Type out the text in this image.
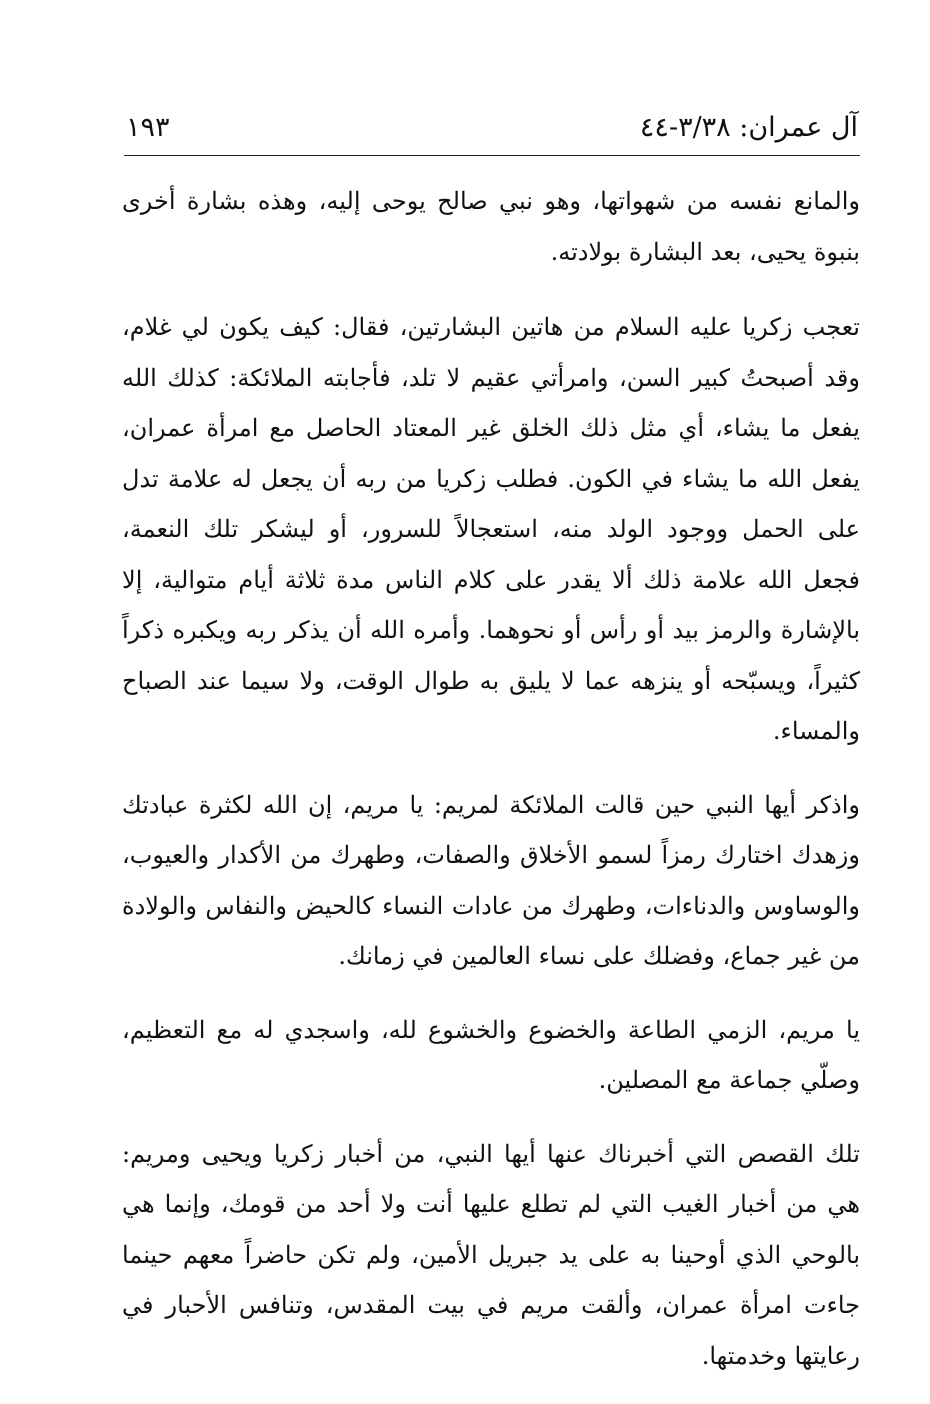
آل عمران: ٣/٣٨-٤٤
١٩٣

والمانع نفسه من شهواتها، وهو نبي صالح يوحى إليه، وهذه بشارة أخرى بنبوة يحيى، بعد البشارة بولادته.

تعجب زكريا عليه السلام من هاتين البشارتين، فقال: كيف يكون لي غلام، وقد أصبحتُ كبير السن، وامرأتي عقيم لا تلد، فأجابته الملائكة: كذلك الله يفعل ما يشاء، أي مثل ذلك الخلق غير المعتاد الحاصل مع امرأة عمران، يفعل الله ما يشاء في الكون. فطلب زكريا من ربه أن يجعل له علامة تدل على الحمل ووجود الولد منه، استعجالاً للسرور، أو ليشكر تلك النعمة، فجعل الله علامة ذلك ألا يقدر على كلام الناس مدة ثلاثة أيام متوالية، إلا بالإشارة والرمز بيد أو رأس أو نحوهما. وأمره الله أن يذكر ربه ويكبره ذكراً كثيراً، ويسبّحه أو ينزهه عما لا يليق به طوال الوقت، ولا سيما عند الصباح والمساء.

واذكر أيها النبي حين قالت الملائكة لمريم: يا مريم، إن الله لكثرة عبادتك وزهدك اختارك رمزاً لسمو الأخلاق والصفات، وطهرك من الأكدار والعيوب، والوساوس والدناءات، وطهرك من عادات النساء كالحيض والنفاس والولادة من غير جماع، وفضلك على نساء العالمين في زمانك.

يا مريم، الزمي الطاعة والخضوع والخشوع لله، واسجدي له مع التعظيم، وصلّي جماعة مع المصلين.

تلك القصص التي أخبرناك عنها أيها النبي، من أخبار زكريا ويحيى ومريم: هي من أخبار الغيب التي لم تطلع عليها أنت ولا أحد من قومك، وإنما هي بالوحي الذي أوحينا به على يد جبريل الأمين، ولم تكن حاضراً معهم حينما جاءت امرأة عمران، وألقت مريم في بيت المقدس، وتنافس الأحبار في رعايتها وخدمتها.
